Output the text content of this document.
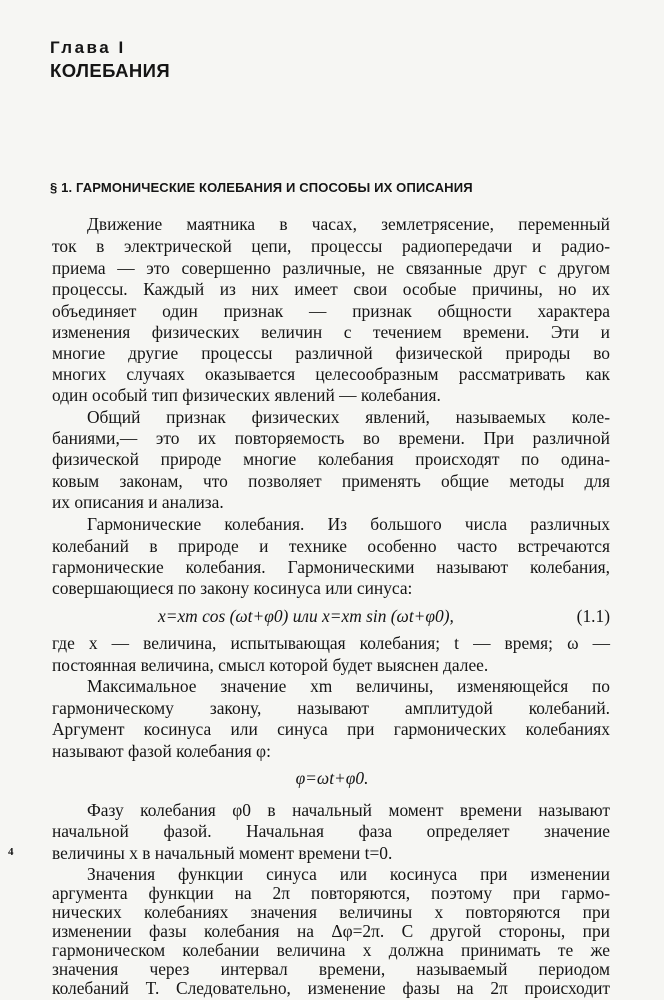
Глава I
КОЛЕБАНИЯ
§ 1. ГАРМОНИЧЕСКИЕ КОЛЕБАНИЯ И СПОСОБЫ ИХ ОПИСАНИЯ
Движение маятника в часах, землетрясение, переменный
ток в электрической цепи, процессы радиопередачи и радио-
приема — это совершенно различные, не связанные друг с другом
процессы. Каждый из них имеет свои особые причины, но их
объединяет один признак — признак общности характера
изменения физических величин с течением времени. Эти и
многие другие процессы различной физической природы во
многих случаях оказывается целесообразным рассматривать как
один особый тип физических явлений — колебания.
Общий признак физических явлений, называемых коле-
баниями,— это их повторяемость во времени. При различной
физической природе многие колебания происходят по одина-
ковым законам, что позволяет применять общие методы для
их описания и анализа.
Гармонические колебания. Из большого числа различных
колебаний в природе и технике особенно часто встречаются
гармонические колебания. Гармоническими называют колебания,
совершающиеся по закону косинуса или синуса:
x=xm cos (ωt+φ0) или x=xm sin (ωt+φ0),	(1.1)
где x — величина, испытывающая колебания; t — время; ω —
постоянная величина, смысл которой будет выяснен далее.
Максимальное значение xm величины, изменяющейся по
гармоническому закону, называют амплитудой колебаний.
Аргумент косинуса или синуса при гармонических колебаниях
называют фазой колебания φ:
φ=ωt+φ0.
Фазу колебания φ0 в начальный момент времени называют
начальной фазой. Начальная фаза определяет значение
величины x в начальный момент времени t=0.
Значения функции синуса или косинуса при изменении
аргумента функции на 2π повторяются, поэтому при гармо-
нических колебаниях значения величины x повторяются при
изменении фазы колебания на Δφ=2π. С другой стороны, при
гармоническом колебании величина x должна принимать те же
значения через интервал времени, называемый периодом
колебаний T. Следовательно, изменение фазы на 2π происходит
4
